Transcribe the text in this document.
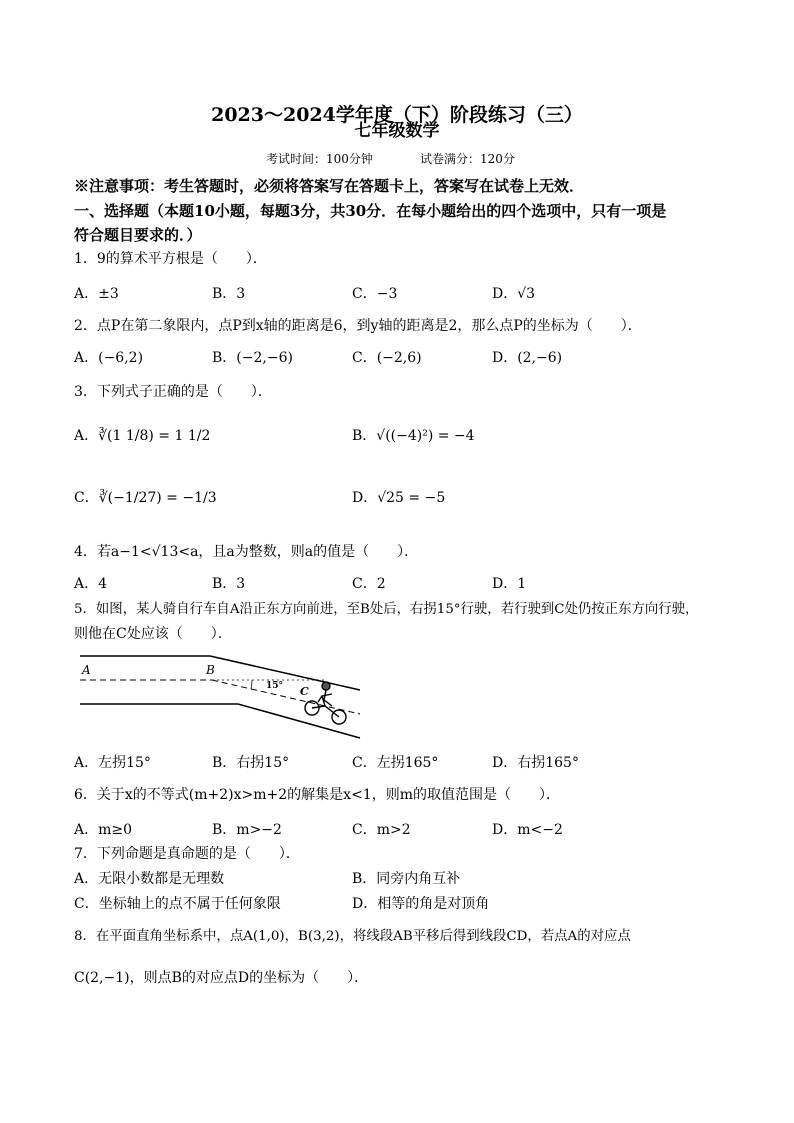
2023～2024学年度（下）阶段练习（三）
七年级数学
考试时间：100分钟	试卷满分：120分
※注意事项：考生答题时，必须将答案写在答题卡上，答案写在试卷上无效．
一、选择题（本题10小题，每题3分，共30分．在每小题给出的四个选项中，只有一项是
符合题目要求的．）
1．9的算术平方根是（　　）．
A．±3	B．3	C．−3	D．√3
2．点P在第二象限内，点P到x轴的距离是6，到y轴的距离是2，那么点P的坐标为（　　）．
A．(−6,2)	B．(−2,−6)	C．(−2,6)	D．(2,−6)
3．下列式子正确的是（　　）．
A．∛(1 1/8) = 1 1/2	B．√((−4)²) = −4
C．∛(−1/27) = −1/3	D．√25 = −5
4．若a−1<√13<a，且a为整数，则a的值是（　　）．
A．4	B．3	C．2	D．1
5．如图，某人骑自行车自A沿正东方向前进，至B处后，右拐15°行驶，若行驶到C处仍按正东方向行驶，
则他在C处应该（　　）．
A	B
15° C
A．左拐15°	B．右拐15°	C．左拐165°	D．右拐165°
6．关于x的不等式(m+2)x>m+2的解集是x<1，则m的取值范围是（　　）．
A．m≥0	B．m>−2	C．m>2	D．m<−2
7．下列命题是真命题的是（　　）．
A．无限小数都是无理数	B．同旁内角互补
C．坐标轴上的点不属于任何象限	D．相等的角是对顶角
8．在平面直角坐标系中，点A(1,0)，B(3,2)，将线段AB平移后得到线段CD，若点A的对应点
C(2,−1)，则点B的对应点D的坐标为（　　）．
